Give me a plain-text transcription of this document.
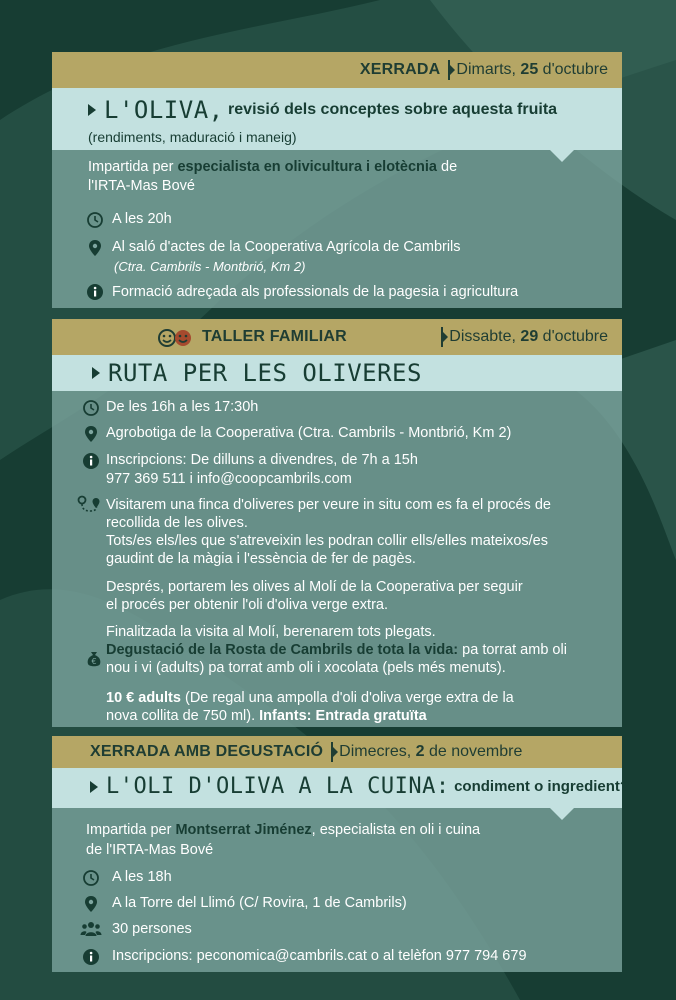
XERRADA Dimarts, 25 d'octubre
L'OLIVA, revisió dels conceptes sobre aquesta fruita
(rendiments, maduració i maneig)
Impartida per especialista en olivicultura i elotècnia de
l'IRTA-Mas Bové
A les 20h
Al saló d'actes de la Cooperativa Agrícola de Cambrils
(Ctra. Cambrils - Montbrió, Km 2)
Formació adreçada als professionals de la pagesia i agricultura
TALLER FAMILIAR	Dissabte, 29 d'octubre
RUTA PER LES OLIVERES
De les 16h a les 17:30h
Agrobotiga de la Cooperativa (Ctra. Cambrils - Montbrió, Km 2)
Inscripcions: De dilluns a divendres, de 7h a 15h
977 369 511 i info@coopcambrils.com
Visitarem una finca d'oliveres per veure in situ com es fa el procés de
recollida de les olives.
Tots/es els/les que s'atreveixin les podran collir ells/elles mateixos/es
gaudint de la màgia i l'essència de fer de pagès.
Després, portarem les olives al Molí de la Cooperativa per seguir
el procés per obtenir l'oli d'oliva verge extra.
€
Finalitzada la visita al Molí, berenarem tots plegats.
Degustació de la Rosta de Cambrils de tota la vida: pa torrat amb oli
nou i vi (adults) pa torrat amb oli i xocolata (pels més menuts).
10 € adults (De regal una ampolla d'oli d'oliva verge extra de la
nova collita de 750 ml). Infants: Entrada gratuïta
XERRADA AMB DEGUSTACIÓ Dimecres, 2 de novembre
L'OLI D'OLIVA A LA CUINA: condiment o ingredient?
Impartida per Montserrat Jiménez, especialista en oli i cuina
de l'IRTA-Mas Bové
A les 18h
A la Torre del Llimó (C/ Rovira, 1 de Cambrils)
30 persones
Inscripcions: peconomica@cambrils.cat o al telèfon 977 794 679
